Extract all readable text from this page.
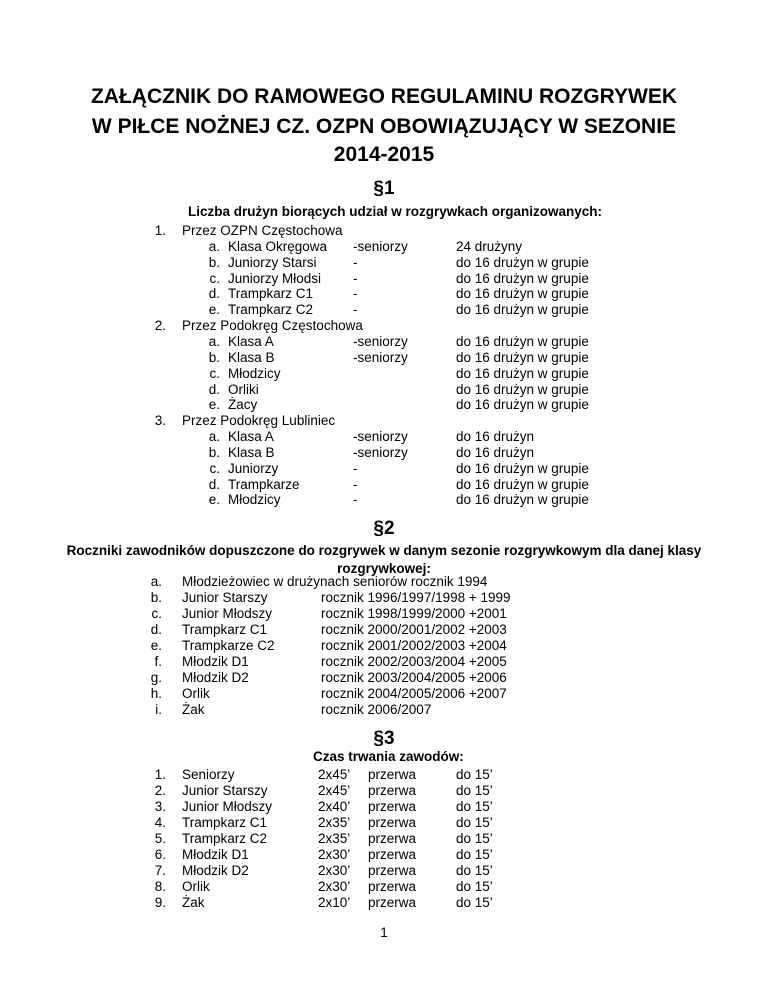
ZAŁĄCZNIK DO RAMOWEGO REGULAMINU ROZGRYWEK
W PIŁCE NOŻNEJ CZ. OZPN OBOWIĄZUJĄCY W SEZONIE
2014-2015
§1
Liczba drużyn biorących udział w rozgrywkach organizowanych:
1. Przez OZPN Częstochowa
a. Klasa Okręgowa -seniorzy	24 drużyny
b. Juniorzy Starsi	-	do 16 drużyn w grupie
c. Juniorzy Młodsi -	do 16 drużyn w grupie
d. Trampkarz C1	-	do 16 drużyn w grupie
e. Trampkarz C2	-	do 16 drużyn w grupie
2. Przez Podokręg Częstochowa
a. Klasa A	-seniorzy	do 16 drużyn w grupie
b. Klasa B	-seniorzy	do 16 drużyn w grupie
c. Młodzicy	do 16 drużyn w grupie
d. Orliki	do 16 drużyn w grupie
e. Żacy	do 16 drużyn w grupie
3. Przez Podokręg Lubliniec
a. Klasa A	-seniorzy	do 16 drużyn
b. Klasa B	-seniorzy	do 16 drużyn
c. Juniorzy	-	do 16 drużyn w grupie
d. Trampkarze	-	do 16 drużyn w grupie
e. Młodzicy	-	do 16 drużyn w grupie
§2
Roczniki zawodników dopuszczone do rozgrywek w danym sezonie rozgrywkowym dla danej klasy
rozgrywkowej:
a. Młodzieżowiec w drużynach seniorów rocznik 1994
b. Junior Starszy	rocznik 1996/1997/1998 + 1999
c. Junior Młodszy	rocznik 1998/1999/2000 +2001
d. Trampkarz C1	rocznik 2000/2001/2002 +2003
e. Trampkarze C2	rocznik 2001/2002/2003 +2004
f. Młodzik D1	rocznik 2002/2003/2004 +2005
g. Młodzik D2	rocznik 2003/2004/2005 +2006
h. Orlik	rocznik 2004/2005/2006 +2007
i. Żak	rocznik 2006/2007
§3
Czas trwania zawodów:
1. Seniorzy	2x45’ przerwa	do 15’
2. Junior Starszy	2x45’ przerwa	do 15’
3. Junior Młodszy	2x40’ przerwa	do 15’
4. Trampkarz C1	2x35’ przerwa	do 15’
5. Trampkarz C2	2x35’ przerwa	do 15’
6. Młodzik D1	2x30’ przerwa	do 15’
7. Młodzik D2	2x30’ przerwa	do 15’
8. Orlik	2x30’ przerwa	do 15’
9. Żak	2x10’ przerwa	do 15’
1
